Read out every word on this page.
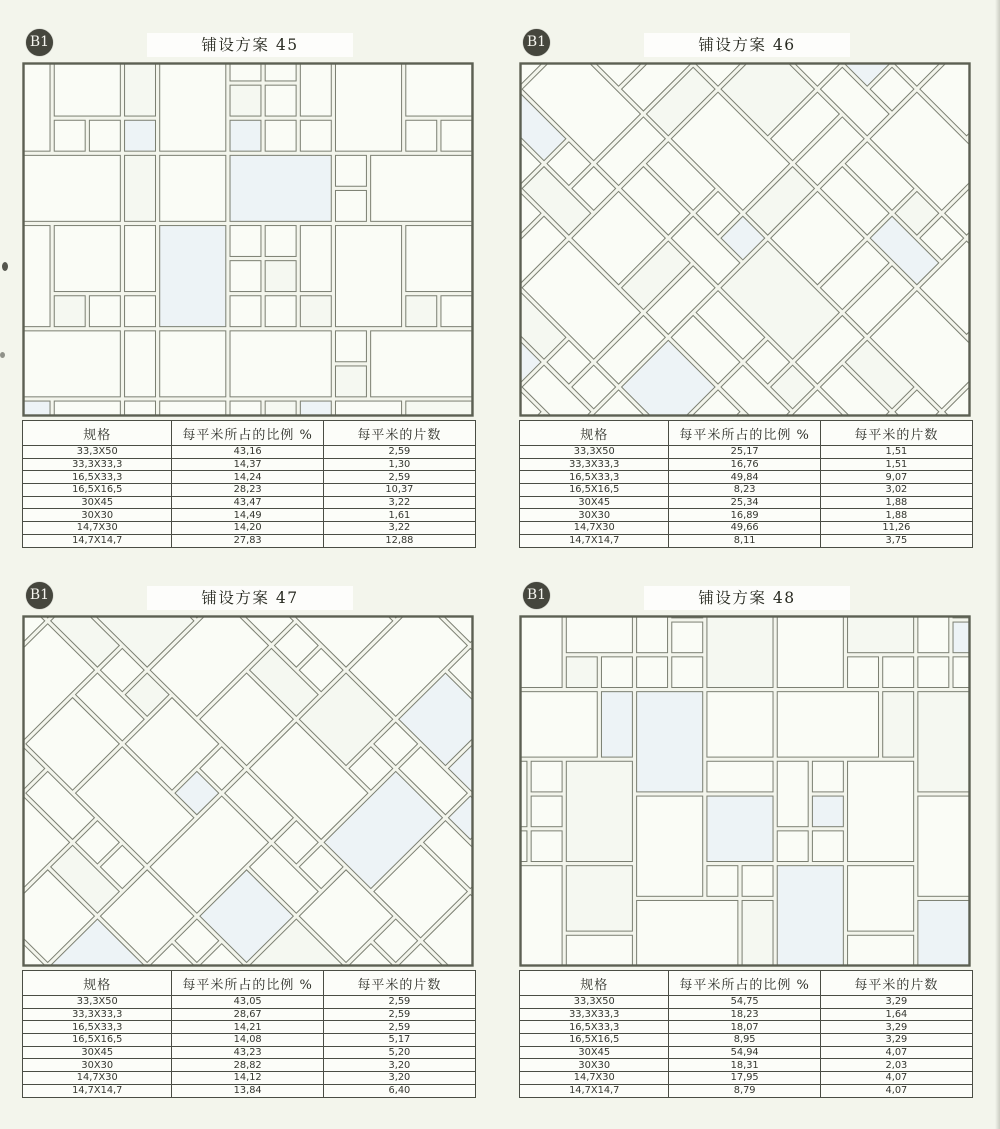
B1	铺设方案 45
规格	每平米所占的比例 %	每平米的片数
33,3X50	43,16	2,59
33,3X33,3	14,37	1,30
16,5X33,3	14,24	2,59
16,5X16,5	28,23	10,37
30X45	43,47	3,22
30X30	14,49	1,61
14,7X30	14,20	3,22
14,7X14,7	27,83	12,88
B1	铺设方案 46
规格	每平米所占的比例 %	每平米的片数
33,3X50	25,17	1,51
33,3X33,3	16,76	1,51
16,5X33,3	49,84	9,07
16,5X16,5	8,23	3,02
30X45	25,34	1,88
30X30	16,89	1,88
14,7X30	49,66	11,26
14,7X14,7	8,11	3,75
B1	铺设方案 47
规格	每平米所占的比例 %	每平米的片数
33,3X50	43,05	2,59
33,3X33,3	28,67	2,59
16,5X33,3	14,21	2,59
16,5X16,5	14,08	5,17
30X45	43,23	5,20
30X30	28,82	3,20
14,7X30	14,12	3,20
14,7X14,7	13,84	6,40
B1	铺设方案 48
规格	每平米所占的比例 %	每平米的片数
33,3X50	54,75	3,29
33,3X33,3	18,23	1,64
16,5X33,3	18,07	3,29
16,5X16,5	8,95	3,29
30X45	54,94	4,07
30X30	18,31	2,03
14,7X30	17,95	4,07
14,7X14,7	8,79	4,07
